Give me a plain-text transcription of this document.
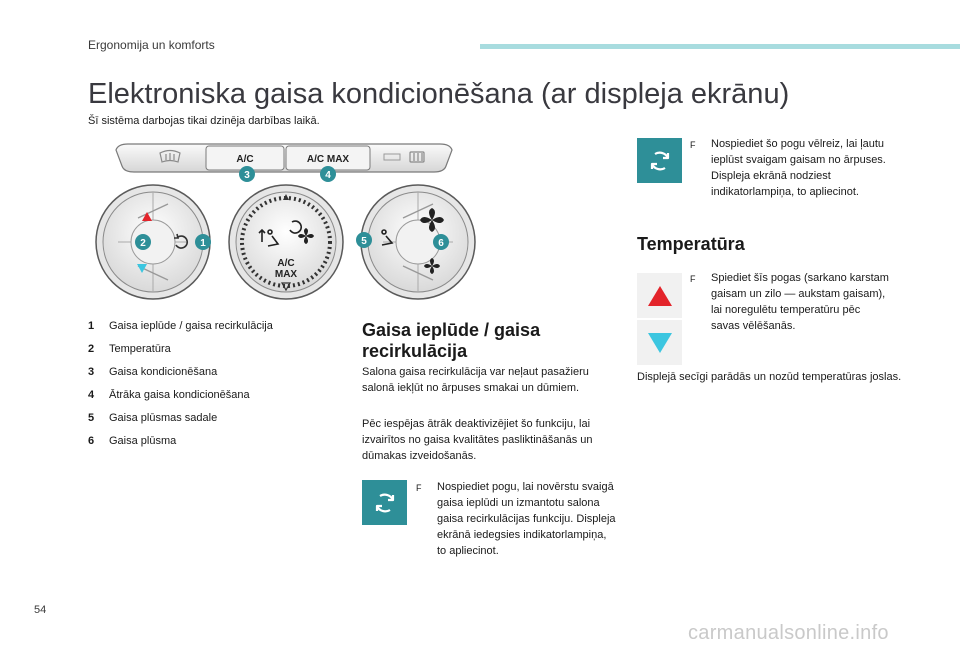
Ergonomija un komforts
Elektroniska gaisa kondicionēšana (ar displeja ekrānu)
Šī sistēma darbojas tikai dzinēja darbības laikā.
A/C	A/C MAX
3	4
2	1
A/C
MAX
5	6
1	Gaisa ieplūde / gaisa recirkulācija
2	Temperatūra
3	Gaisa kondicionēšana
4	Ātrāka gaisa kondicionēšana
5	Gaisa plūsmas sadale
6	Gaisa plūsma
Gaisa ieplūde / gaisa recirkulācija

Salona gaisa recirkulācija var neļaut pasažieru salonā iekļūt no ārpuses smakai un dūmiem.

Pēc iespējas ātrāk deaktivizējiet šo funkciju, lai izvairītos no gaisa kvalitātes pasliktināšanās un dūmakas izveidošanās.

F	Nospiediet pogu, lai novērstu svaigā gaisa ieplūdi un izmantotu salona gaisa recirkulācijas funkciju. Displeja ekrānā iedegsies indikatorlampiņa, to apliecinot.
F	Nospiediet šo pogu vēlreiz, lai ļautu ieplūst svaigam gaisam no ārpuses. Displeja ekrānā nodziest indikatorlampiņa, to apliecinot.
Temperatūra
F	Spiediet šīs pogas (sarkano karstam gaisam un zilo — aukstam gaisam), lai noregulētu temperatūru pēc savas vēlēšanās.

Displejā secīgi parādās un nozūd temperatūras joslas.

54
carmanualsonline.info
